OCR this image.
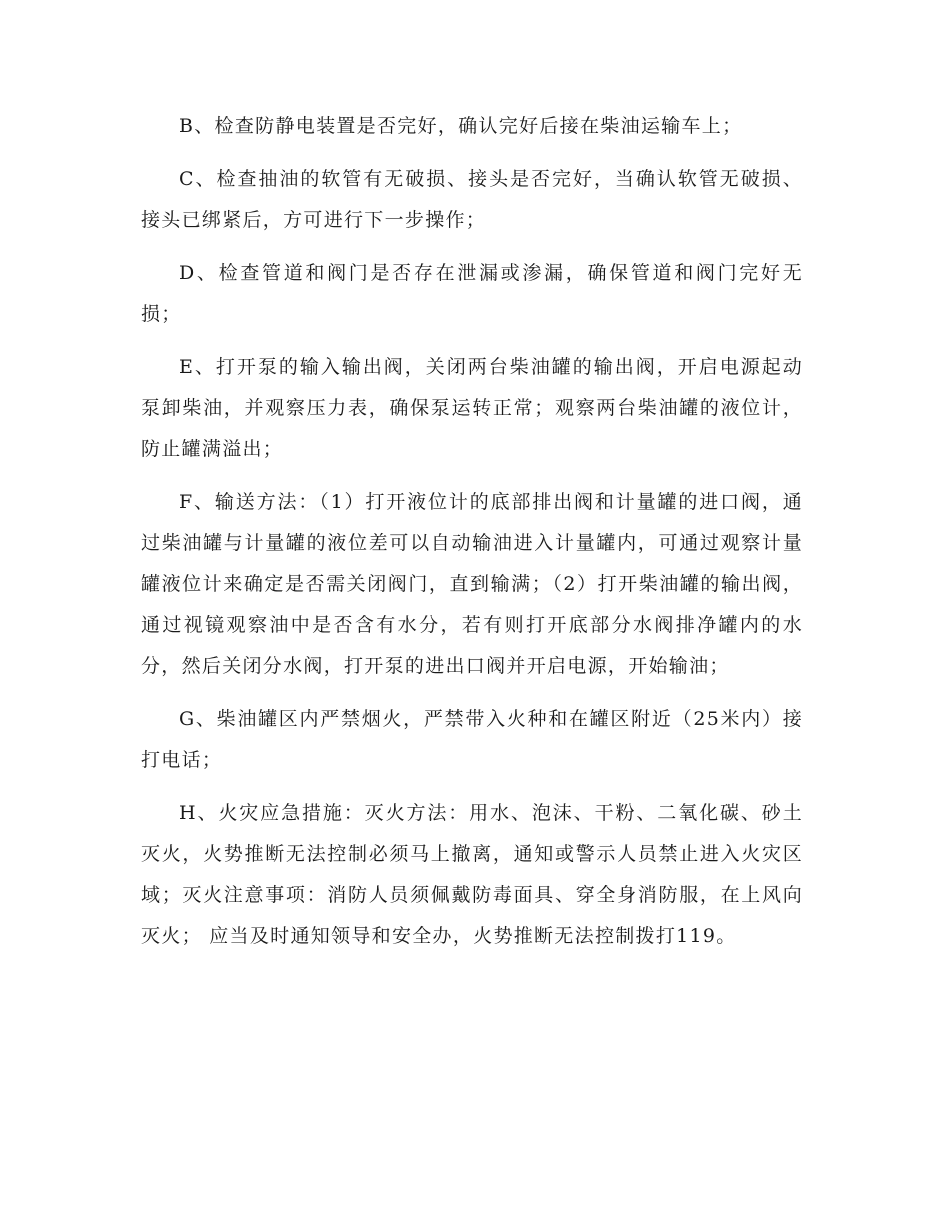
B、检查防静电装置是否完好，确认完好后接在柴油运输车上；

C、检查抽油的软管有无破损、接头是否完好，当确认软管无破损、接头已绑紧后，方可进行下一步操作；

D、检查管道和阀门是否存在泄漏或渗漏，确保管道和阀门完好无损；

E、打开泵的输入输出阀，关闭两台柴油罐的输出阀，开启电源起动泵卸柴油，并观察压力表，确保泵运转正常；观察两台柴油罐的液位计，防止罐满溢出；

F、输送方法：（1）打开液位计的底部排出阀和计量罐的进口阀，通过柴油罐与计量罐的液位差可以自动输油进入计量罐内，可通过观察计量罐液位计来确定是否需关闭阀门，直到输满；（2）打开柴油罐的输出阀，通过视镜观察油中是否含有水分，若有则打开底部分水阀排净罐内的水分，然后关闭分水阀，打开泵的进出口阀并开启电源，开始输油；

G、柴油罐区内严禁烟火，严禁带入火种和在罐区附近（25米内）接打电话；

H、火灾应急措施：灭火方法：用水、泡沫、干粉、二氧化碳、砂土灭火，火势推断无法控制必须马上撤离，通知或警示人员禁止进入火灾区域；灭火注意事项：消防人员须佩戴防毒面具、穿全身消防服，在上风向灭火； 应当及时通知领导和安全办，火势推断无法控制拨打119。
